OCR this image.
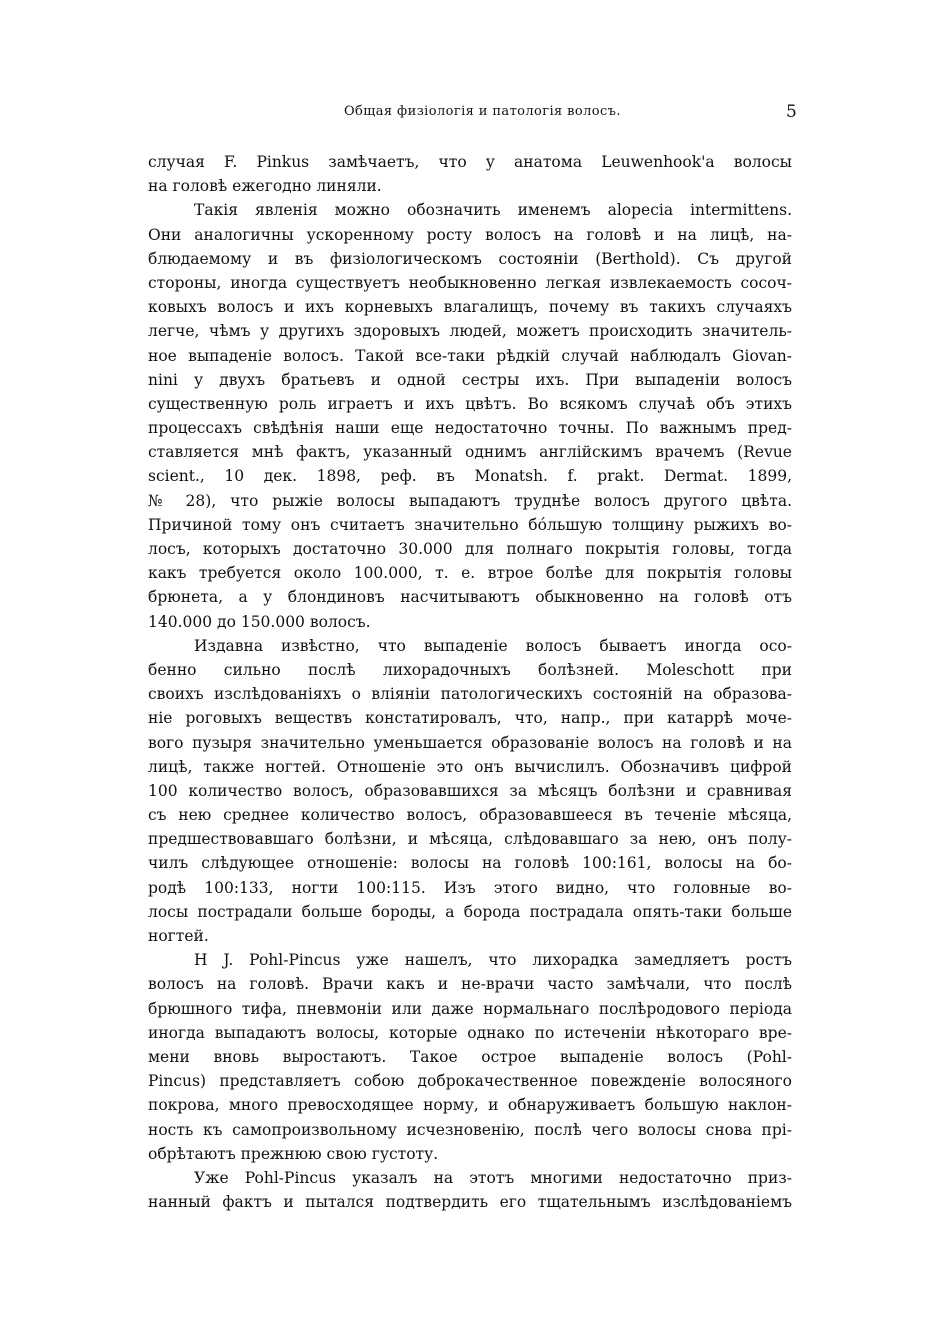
Общая физіологія и патологія волосъ.	5
случая F. Pinkus замѣчаетъ, что у анатома Leuwenhook'а волосы
на головѣ ежегодно линяли.
Такія явленія можно обозначить именемъ alopecia intermittens.
Они аналогичны ускоренному росту волосъ на головѣ и на лицѣ, на-
блюдаемому и въ физіологическомъ состояніи (Berthold). Съ другой
стороны, иногда существуетъ необыкновенно легкая извлекаемость сосоч-
ковыхъ волосъ и ихъ корневыхъ влагалищъ, почему въ такихъ случаяхъ
легче, чѣмъ у другихъ здоровыхъ людей, можетъ происходить значитель-
ное выпаденіе волосъ. Такой все-таки рѣдкій случай наблюдалъ Giovan-
nini у двухъ братьевъ и одной сестры ихъ. При выпаденіи волосъ
существенную роль играетъ и ихъ цвѣтъ. Во всякомъ случаѣ объ этихъ
процессахъ свѣдѣнія наши еще недостаточно точны. По важнымъ пред-
ставляется мнѣ фактъ, указанный однимъ англійскимъ врачемъ (Revue
scient., 10 дек. 1898, реф. въ Monatsh. f. prakt. Dermat. 1899,
№ 28), что рыжіе волосы выпадаютъ труднѣе волосъ другого цвѣта.
Причиной тому онъ считаетъ значительно бо́льшую толщину рыжихъ во-
лосъ, которыхъ достаточно 30.000 для полнаго покрытія головы, тогда
какъ требуется около 100.000, т. е. втрое болѣе для покрытія головы
брюнета, а у блондиновъ насчитываютъ обыкновенно на головѣ отъ
140.000 до 150.000 волосъ.
Издавна извѣстно, что выпаденіе волосъ бываетъ иногда осо-
бенно сильно послѣ лихорадочныхъ болѣзней. Moleschott при
своихъ изслѣдованіяхъ о вліяніи патологическихъ состояній на образова-
ніе роговыхъ веществъ констатировалъ, что, напр., при катаррѣ моче-
вого пузыря значительно уменьшается образованіе волосъ на головѣ и на
лицѣ, также ногтей. Отношеніе это онъ вычислилъ. Обозначивъ цифрой
100 количество волосъ, образовавшихся за мѣсяцъ болѣзни и сравнивая
съ нею среднее количество волосъ, образовавшееся въ теченіе мѣсяца,
предшествовавшаго болѣзни, и мѣсяца, слѣдовавшаго за нею, онъ полу-
чилъ слѣдующее отношеніе: волосы на головѣ 100:161, волосы на бо-
родѣ 100:133, ногти 100:115. Изъ этого видно, что головные во-
лосы пострадали больше бороды, а борода пострадала опять-таки больше
ногтей.
H J. Pohl-Pincus уже нашелъ, что лихорадка замедляетъ ростъ
волосъ на головѣ. Врачи какъ и не-врачи часто замѣчали, что послѣ
брюшного тифа, пневмоніи или даже нормальнаго послѣродового періода
иногда выпадаютъ волосы, которые однако по истеченіи нѣкотораго вре-
мени вновь выростаютъ. Такое острое выпаденіе волосъ (Pohl-
Pincus) представляетъ собою доброкачественное повежденіе волосяного
покрова, много превосходящее норму, и обнаруживаетъ большую наклон-
ность къ самопроизвольному исчезновенію, послѣ чего волосы снова прі-
обрѣтаютъ прежнюю свою густоту.
Уже Pohl-Pincus указалъ на этотъ многими недостаточно приз-
нанный фактъ и пытался подтвердить его тщательнымъ изслѣдованіемъ
